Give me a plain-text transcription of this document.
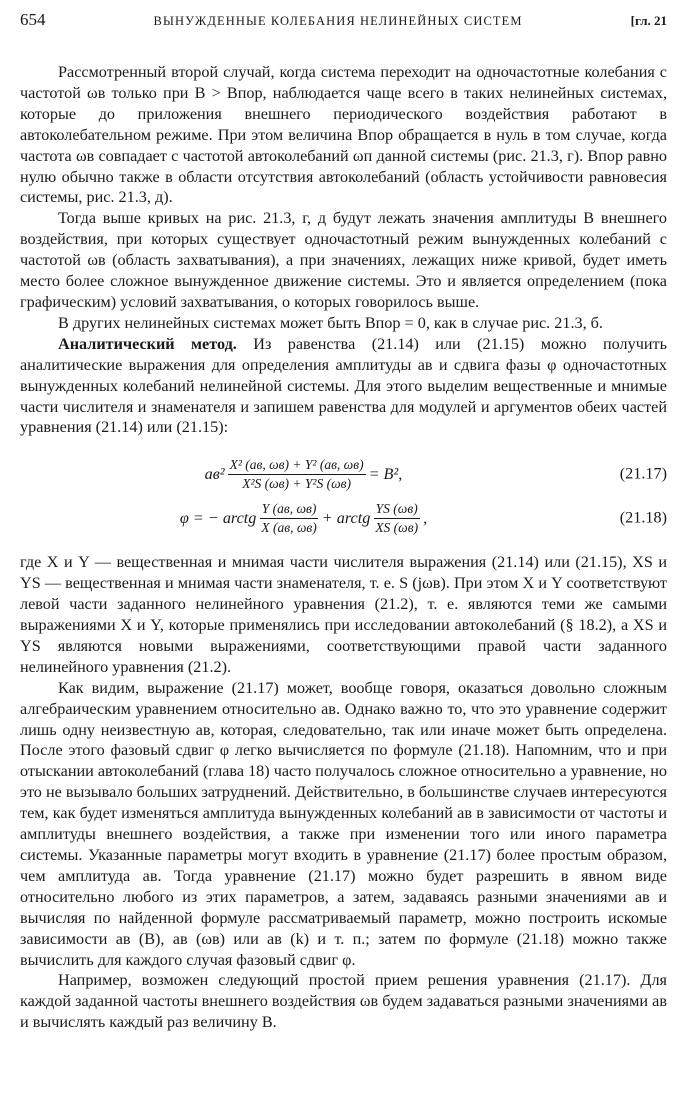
654	ВЫНУЖДЕННЫЕ КОЛЕБАНИЯ НЕЛИНЕЙНЫХ СИСТЕМ	[гл. 21

Рассмотренный второй случай, когда система переходит на одночастотные колебания с частотой ωв только при B > Bпор, наблюдается чаще всего в таких нелинейных системах, которые до приложения внешнего периодического воздействия работают в автоколебательном режиме. При этом величина Bпор обращается в нуль в том случае, когда частота ωв совпадает с частотой автоколебаний ωп данной системы (рис. 21.3, г). Bпор равно нулю обычно также в области отсутствия автоколебаний (область устойчивости равновесия системы, рис. 21.3, д).

Тогда выше кривых на рис. 21.3, г, д будут лежать значения амплитуды B внешнего воздействия, при которых существует одночастотный режим вынужденных колебаний с частотой ωв (область захватывания), а при значениях, лежащих ниже кривой, будет иметь место более сложное вынужденное движение системы. Это и является определением (пока графическим) условий захватывания, о которых говорилось выше.

В других нелинейных системах может быть Bпор = 0, как в случае рис. 21.3, б.

Аналитический метод. Из равенства (21.14) или (21.15) можно получить аналитические выражения для определения амплитуды aв и сдвига фазы φ одночастотных вынужденных колебаний нелинейной системы. Для этого выделим вещественные и мнимые части числителя и знаменателя и запишем равенства для модулей и аргументов обеих частей уравнения (21.14) или (21.15):

$aв^2 \frac{\text{X² (aв, ωв) + Y² (aв, ωв)}}{\text{X²S (ωв) + Y²S (ωв)}} = B^2$,	(21.17)
φ = − arctg $\frac{Y (aв, \omega в)}{X (aв, \omega в)}$ + arctg $\frac{YS (\omega в)}{XS (\omega в)}$ ,	(21.18)

где X и Y — вещественная и мнимая части числителя выражения (21.14) или (21.15), XS и YS — вещественная и мнимая части знаменателя, т. е. S (jωв). При этом X и Y соответствуют левой части заданного нелинейного уравнения (21.2), т. е. являются теми же самыми выражениями X и Y, которые применялись при исследовании автоколебаний (§ 18.2), а XS и YS являются новыми выражениями, соответствующими правой части заданного нелинейного уравнения (21.2).

Как видим, выражение (21.17) может, вообще говоря, оказаться довольно сложным алгебраическим уравнением относительно aв. Однако важно то, что это уравнение содержит лишь одну неизвестную aв, которая, следовательно, так или иначе может быть определена. После этого фазовый сдвиг φ легко вычисляется по формуле (21.18). Напомним, что и при отыскании автоколебаний (глава 18) часто получалось сложное относительно a уравнение, но это не вызывало больших затруднений. Действительно, в большинстве случаев интересуются тем, как будет изменяться амплитуда вынужденных колебаний aв в зависимости от частоты и амплитуды внешнего воздействия, а также при изменении того или иного параметра системы. Указанные параметры могут входить в уравнение (21.17) более простым образом, чем амплитуда aв. Тогда уравнение (21.17) можно будет разрешить в явном виде относительно любого из этих параметров, а затем, задаваясь разными значениями aв и вычисляя по найденной формуле рассматриваемый параметр, можно построить искомые зависимости aв (B), aв (ωв) или aв (k) и т. п.; затем по формуле (21.18) можно также вычислить для каждого случая фазовый сдвиг φ.

Например, возможен следующий простой прием решения уравнения (21.17). Для каждой заданной частоты внешнего воздействия ωв будем задаваться разными значениями aв и вычислять каждый раз величину B.
